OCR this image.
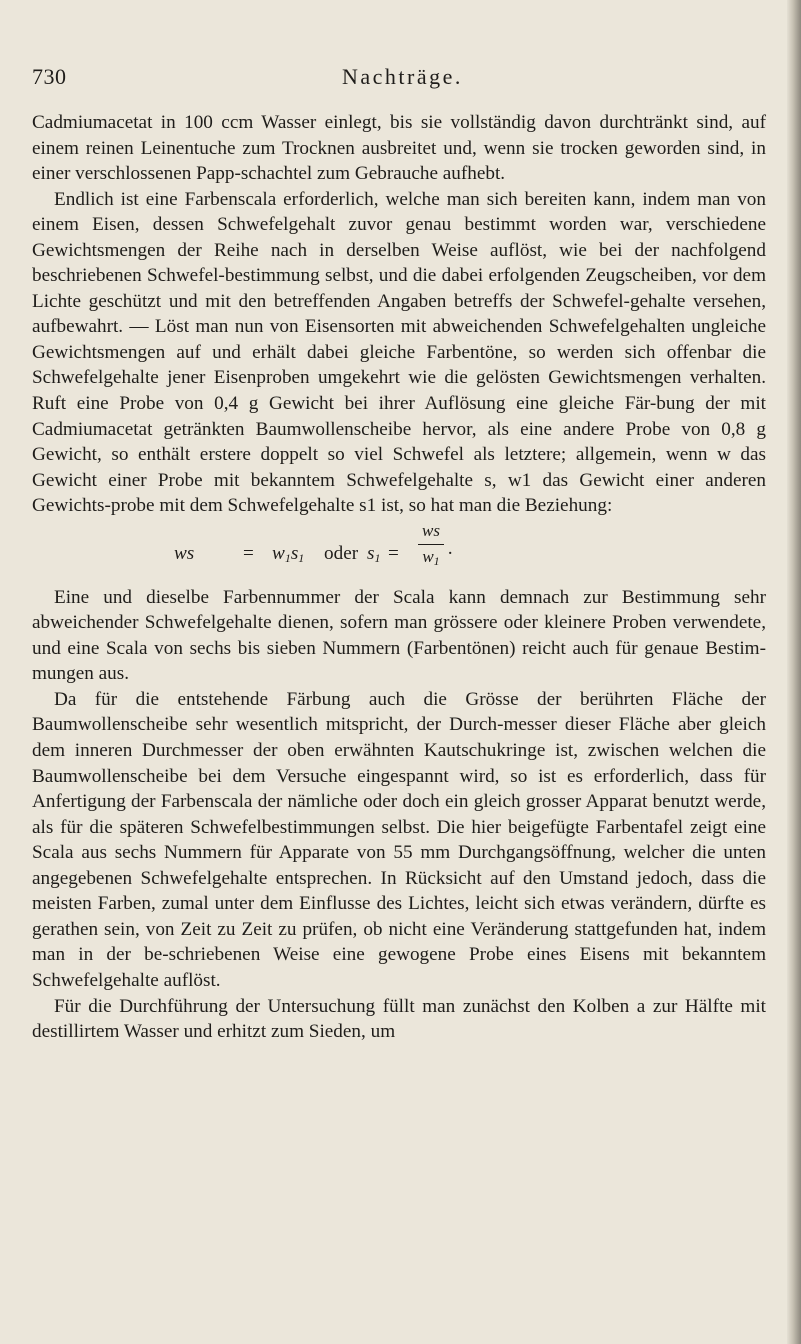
730	Nachträge.

Cadmiumacetat in 100 ccm Wasser einlegt, bis sie vollständig davon durchtränkt sind, auf einem reinen Leinentuche zum Trocknen ausbreitet und, wenn sie trocken geworden sind, in einer verschlossenen Papp-schachtel zum Gebrauche aufhebt.

Endlich ist eine Farbenscala erforderlich, welche man sich bereiten kann, indem man von einem Eisen, dessen Schwefelgehalt zuvor genau bestimmt worden war, verschiedene Gewichtsmengen der Reihe nach in derselben Weise auflöst, wie bei der nachfolgend beschriebenen Schwefel-bestimmung selbst, und die dabei erfolgenden Zeugscheiben, vor dem Lichte geschützt und mit den betreffenden Angaben betreffs der Schwefel-gehalte versehen, aufbewahrt. — Löst man nun von Eisensorten mit abweichenden Schwefelgehalten ungleiche Gewichtsmengen auf und erhält dabei gleiche Farbentöne, so werden sich offenbar die Schwefelgehalte jener Eisenproben umgekehrt wie die gelösten Gewichtsmengen verhalten. Ruft eine Probe von 0,4 g Gewicht bei ihrer Auflösung eine gleiche Fär-bung der mit Cadmiumacetat getränkten Baumwollenscheibe hervor, als eine andere Probe von 0,8 g Gewicht, so enthält erstere doppelt so viel Schwefel als letztere; allgemein, wenn w das Gewicht einer Probe mit bekanntem Schwefelgehalte s, w1 das Gewicht einer anderen Gewichts-probe mit dem Schwefelgehalte s1 ist, so hat man die Beziehung:

ws	= $w_1s_1$ oder $s_1$ =
ws
$w_1$ ·

Eine und dieselbe Farbennummer der Scala kann demnach zur Bestimmung sehr abweichender Schwefelgehalte dienen, sofern man grössere oder kleinere Proben verwendete, und eine Scala von sechs bis sieben Nummern (Farbentönen) reicht auch für genaue Bestim-mungen aus.

Da für die entstehende Färbung auch die Grösse der berührten Fläche der Baumwollenscheibe sehr wesentlich mitspricht, der Durch-messer dieser Fläche aber gleich dem inneren Durchmesser der oben erwähnten Kautschukringe ist, zwischen welchen die Baumwollenscheibe bei dem Versuche eingespannt wird, so ist es erforderlich, dass für Anfertigung der Farbenscala der nämliche oder doch ein gleich grosser Apparat benutzt werde, als für die späteren Schwefelbestimmungen selbst. Die hier beigefügte Farbentafel zeigt eine Scala aus sechs Nummern für Apparate von 55 mm Durchgangsöffnung, welcher die unten angegebenen Schwefelgehalte entsprechen. In Rücksicht auf den Umstand jedoch, dass die meisten Farben, zumal unter dem Einflusse des Lichtes, leicht sich etwas verändern, dürfte es gerathen sein, von Zeit zu Zeit zu prüfen, ob nicht eine Veränderung stattgefunden hat, indem man in der be-schriebenen Weise eine gewogene Probe eines Eisens mit bekanntem Schwefelgehalte auflöst.

Für die Durchführung der Untersuchung füllt man zunächst den Kolben a zur Hälfte mit destillirtem Wasser und erhitzt zum Sieden, um
